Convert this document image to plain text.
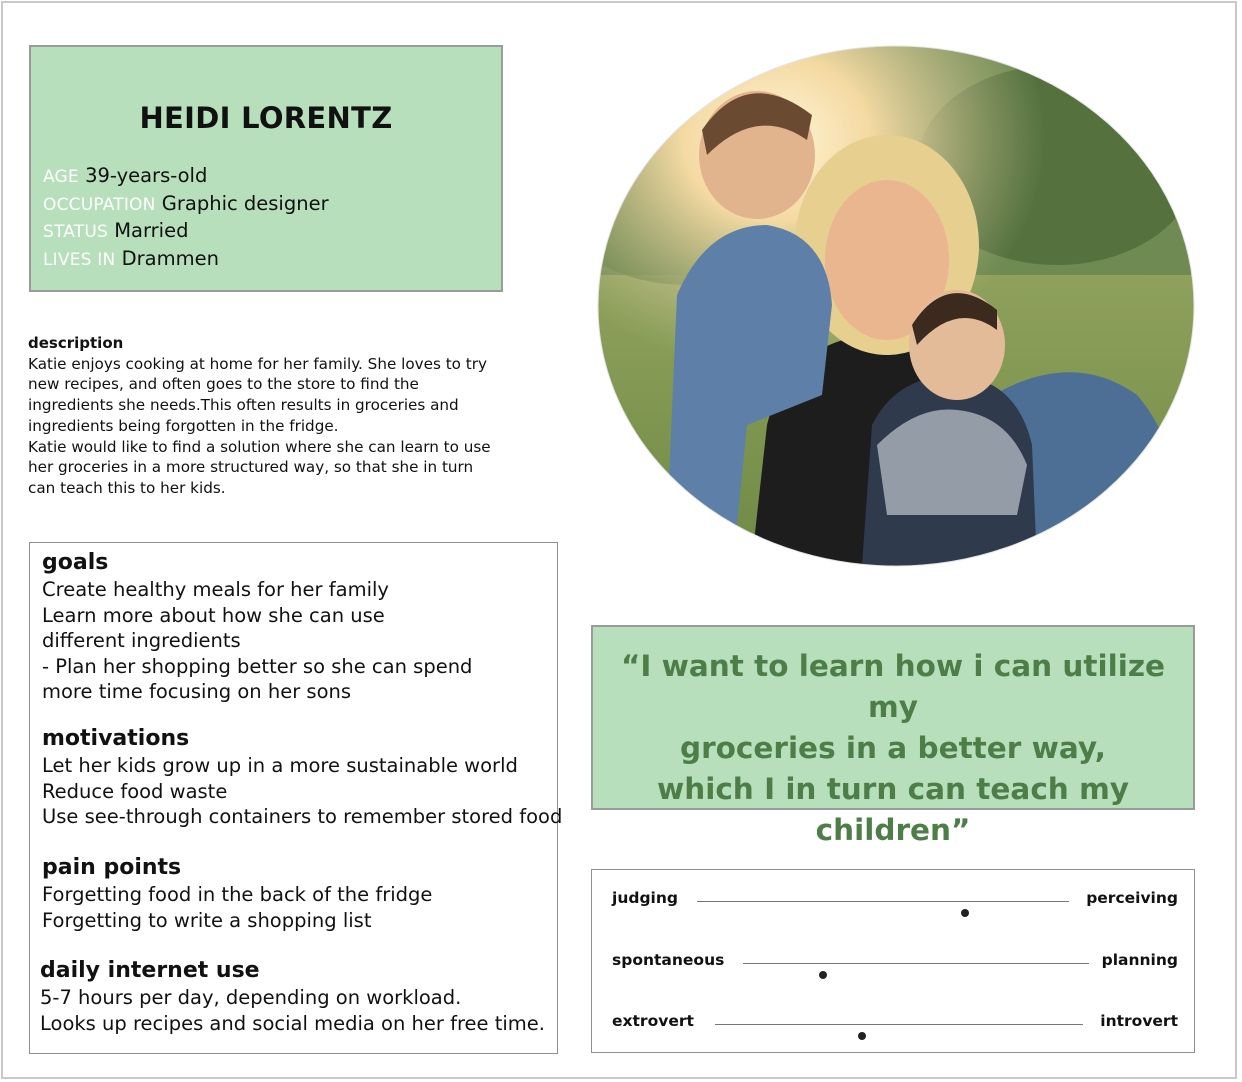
HEIDI LORENTZ
AGE 39-years-old
OCCUPATION Graphic designer
STATUS Married
LIVES IN Drammen
description
Katie enjoys cooking at home for her family. She loves to try
new recipes, and often goes to the store to find the
ingredients she needs.This often results in groceries and
ingredients being forgotten in the fridge.
Katie would like to find a solution where she can learn to use
her groceries in a more structured way, so that she in turn
can teach this to her kids.
goals
Create healthy meals for her family
Learn more about how she can use
different ingredients
- Plan her shopping better so she can spend
more time focusing on her sons
motivations
Let her kids grow up in a more sustainable world
Reduce food waste
Use see-through containers to remember stored food
pain points
Forgetting food in the back of the fridge
Forgetting to write a shopping list
daily internet use
5-7 hours per day, depending on workload.
Looks up recipes and social media on her free time.
“I want to learn how i can utilize my
groceries in a better way,
which I in turn can teach my
children”
judging	perceiving
spontaneous	planning
extrovert	introvert
